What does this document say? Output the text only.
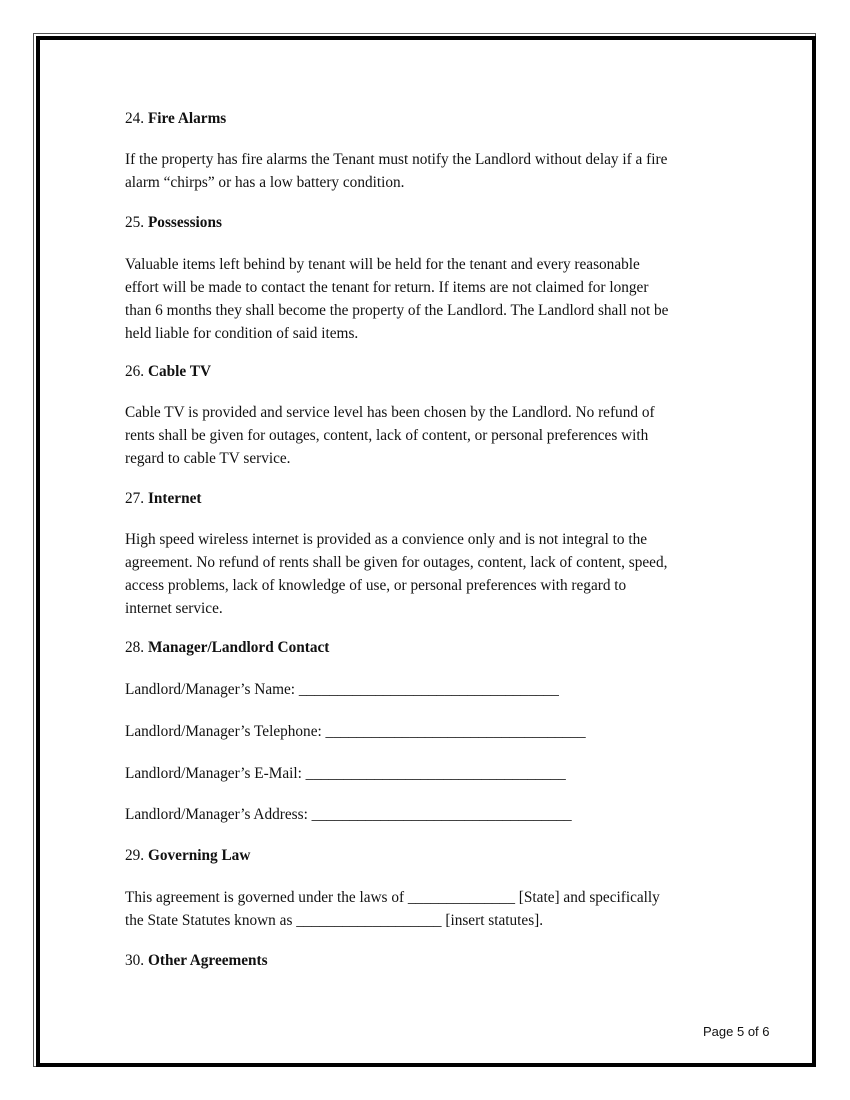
24. Fire Alarms
If the property has fire alarms the Tenant must notify the Landlord without delay if a fire
alarm “chirps” or has a low battery condition.
25. Possessions
Valuable items left behind by tenant will be held for the tenant and every reasonable
effort will be made to contact the tenant for return. If items are not claimed for longer
than 6 months they shall become the property of the Landlord. The Landlord shall not be
held liable for condition of said items.
26. Cable TV
Cable TV is provided and service level has been chosen by the Landlord. No refund of
rents shall be given for outages, content, lack of content, or personal preferences with
regard to cable TV service.
27. Internet
High speed wireless internet is provided as a convience only and is not integral to the
agreement. No refund of rents shall be given for outages, content, lack of content, speed,
access problems, lack of knowledge of use, or personal preferences with regard to
internet service.
28. Manager/Landlord Contact
Landlord/Manager’s Name: __________________________________
Landlord/Manager’s Telephone: __________________________________
Landlord/Manager’s E-Mail: __________________________________
Landlord/Manager’s Address: __________________________________
29. Governing Law
This agreement is governed under the laws of ______________ [State] and specifically
the State Statutes known as ___________________ [insert statutes].
30. Other Agreements
Page 5 of 6
